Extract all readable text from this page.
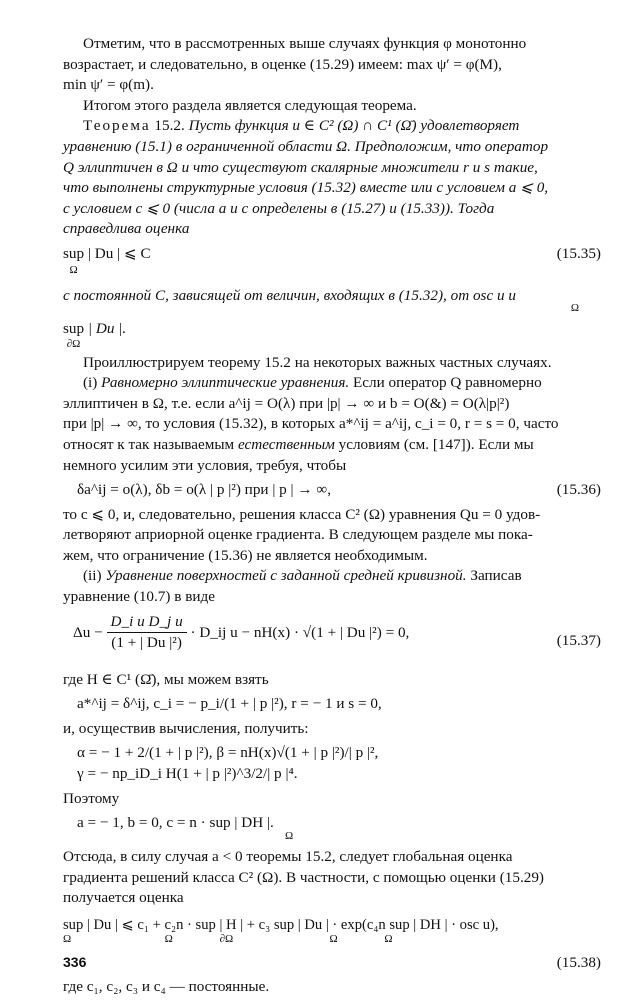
Отметим, что в рассмотренных выше случаях функция φ монотонно

возрастает, и следовательно, в оценке (15.29) имеем: max ψ′ = φ(M),

min ψ′ = φ(m).

Итогом этого раздела является следующая теорема.

Теорема 15.2. Пусть функция u ∈ C² (Ω) ∩ C¹ (Ω̄) удовлетворяет

уравнению (15.1) в ограниченной области Ω. Предположим, что оператор

Q эллиптичен в Ω и что существуют скалярные множители r и s такие,

что выполнены структурные условия (15.32) вместе или с условием a ⩽ 0,

с условием c ⩽ 0 (числа a и c определены в (15.27) и (15.33)). Тогда

справедлива оценка

sup
Ω
| Du | ⩽ C	(15.35)

с постоянной C, зависящей от величин, входящих в (15.32), от osc u и

Ω
sup
∂Ω
| Du |.

Проиллюстрируем теорему 15.2 на некоторых важных частных случаях.

(i) Равномерно эллиптические уравнения. Если оператор Q равномерно

эллиптичен в Ω, т.е. если a^ij = O(λ) при |p| → ∞ и b = O(&) = O(λ|p|²)

при |p| → ∞, то условия (15.32), в которых a*^ij = a^ij, c_i = 0, r = s = 0, часто

относят к так называемым естественным условиям (см. [147]). Если мы

немного усилим эти условия, требуя, чтобы

δa^ij = o(λ), δb = o(λ | p |²) при | p | → ∞,	(15.36)

то c ⩽ 0, и, следовательно, решения класса C² (Ω) уравнения Qu = 0 удов-

летворяют априорной оценке градиента. В следующем разделе мы пока-

жем, что ограничение (15.36) не является необходимым.

(ii) Уравнение поверхностей с заданной средней кривизной. Записав

уравнение (10.7) в виде

$\Delta u - \frac{\text{D\_i u D\_j u}}{\text{(1 + | Du |²)}}$ · D_ij u − nH(x) · √(1 + | Du |²) = 0,	(15.37)

где H ∈ C¹ (Ω̄), мы можем взять

a*^ij = δ^ij, c_i = − p_i/(1 + | p |²), r = − 1 и s = 0,

и, осуществив вычисления, получить:

α = − 1 + 2/(1 + | p |²), β = nH(x)√(1 + | p |²)/| p |²,

γ = − np_iD_i H(1 + | p |²)^3/2/| p |⁴.

Поэтому

a = − 1, b = 0, c = n · sup | DH |.
Ω

Отсюда, в силу случая a < 0 теоремы 15.2, следует глобальная оценка

градиента решений класса C² (Ω). В частности, с помощью оценки (15.29)

получается оценка

sup | Du | ⩽ c₁ + c₂n · sup | H | + c₃ sup | Du | · exp(c₄n sup | DH | · osc u),
Ω                                  Ω                 ∂Ω                                   Ω                 Ω
(15.38)

где c₁, c₂, c₃ и c₄ — постоянные.

336
